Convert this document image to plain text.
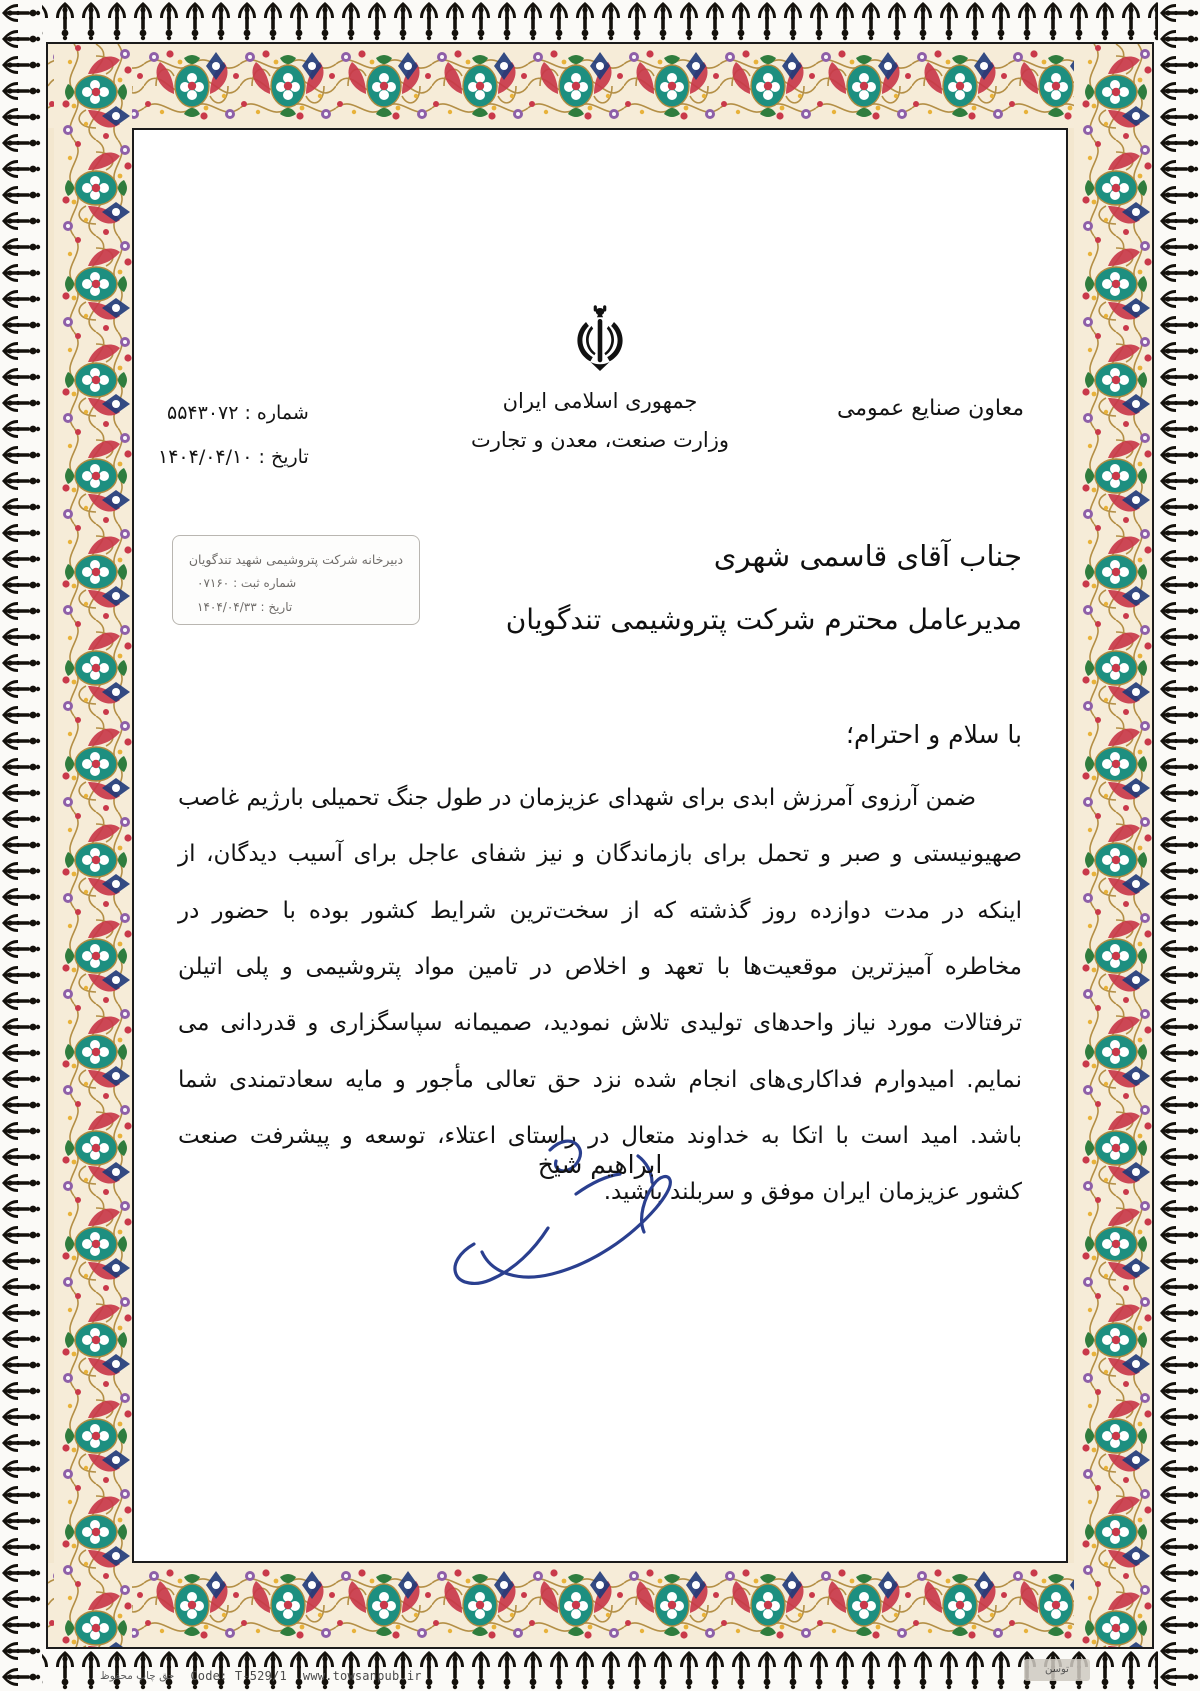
جمهوری اسلامی ایران
وزارت صنعت، معدن و تجارت
معاون صنایع عمومی
شماره : ۵۵۴۳۰۷۲
تاریخ : ۱۴۰۴/۰۴/۱۰
دبیرخانه شرکت پتروشیمی شهید تندگویان
شماره ثبت : ۰۷۱۶۰
تاریخ : ۱۴۰۴/۰۴/۳۳
جناب آقای قاسمی شهری
مدیرعامل محترم شرکت پتروشیمی تندگویان
با سلام و احترام؛
ضمن آرزوی آمرزش ابدی برای شهدای عزیزمان در طول جنگ تحمیلی بار‌ژیم غاصب صهیونیستی و صبر و تحمل برای بازماندگان و نیز شفای عاجل برای آسیب دیدگان، از اینکه در مدت دوازده روز گذشته که از سخت‌ترین شرایط کشور بوده با حضور در مخاطره آمیزترین موقعیت‌ها با تعهد و اخلاص در تامین مواد پتروشیمی و پلی اتیلن ترفتالات مورد نیاز واحدهای تولیدی تلاش نمودید، صمیمانه سپاسگزاری و قدردانی می نمایم. امیدوارم فداکاری‌های انجام شده نزد حق تعالی مأجور و مایه سعادتمندی شما باشد. امید است با اتکا به خداوند متعال در راستای اعتلاء، توسعه و پیشرفت صنعت کشور عزیزمان ایران موفق و سربلند باشید.
ابراهیم شیخ
حق چاپ محفوظ Code: T-529/1 www.towsanpub.ir	توسن
